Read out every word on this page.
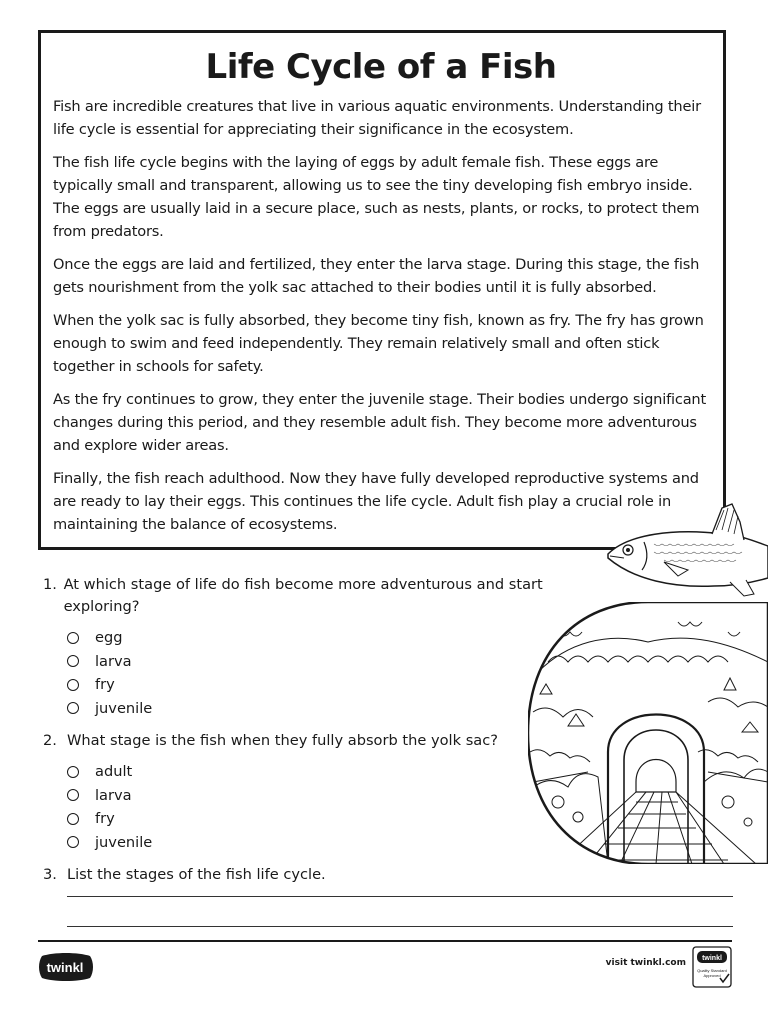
Life Cycle of a Fish

Fish are incredible creatures that live in various aquatic environments. Understanding their life cycle is essential for appreciating their significance in the ecosystem.

The fish life cycle begins with the laying of eggs by adult female fish. These eggs are typically small and transparent, allowing us to see the tiny developing fish embryo inside. The eggs are usually laid in a secure place, such as nests, plants, or rocks, to protect them from predators.

Once the eggs are laid and fertilized, they enter the larva stage. During this stage, the fish gets nourishment from the yolk sac attached to their bodies until it is fully absorbed.

When the yolk sac is fully absorbed, they become tiny fish, known as fry. The fry has grown enough to swim and feed independently. They remain relatively small and often stick together in schools for safety.

As the fry continues to grow, they enter the juvenile stage. Their bodies undergo significant changes during this period, and they resemble adult fish. They become more adventurous and explore wider areas.

Finally, the fish reach adulthood. Now they have fully developed reproductive systems and are ready to lay their eggs. This continues the life cycle. Adult fish play a crucial role in maintaining the balance of ecosystems.

1. At which stage of life do fish become more adventurous and start exploring?
egg
larva
fry
juvenile
2. What stage is the fish when they fully absorb the yolk sac?
adult
larva
fry
juvenile
3. List the stages of the fish life cycle.
twinkl	visit twinkl.com twinkl
Quality Standard Approved
